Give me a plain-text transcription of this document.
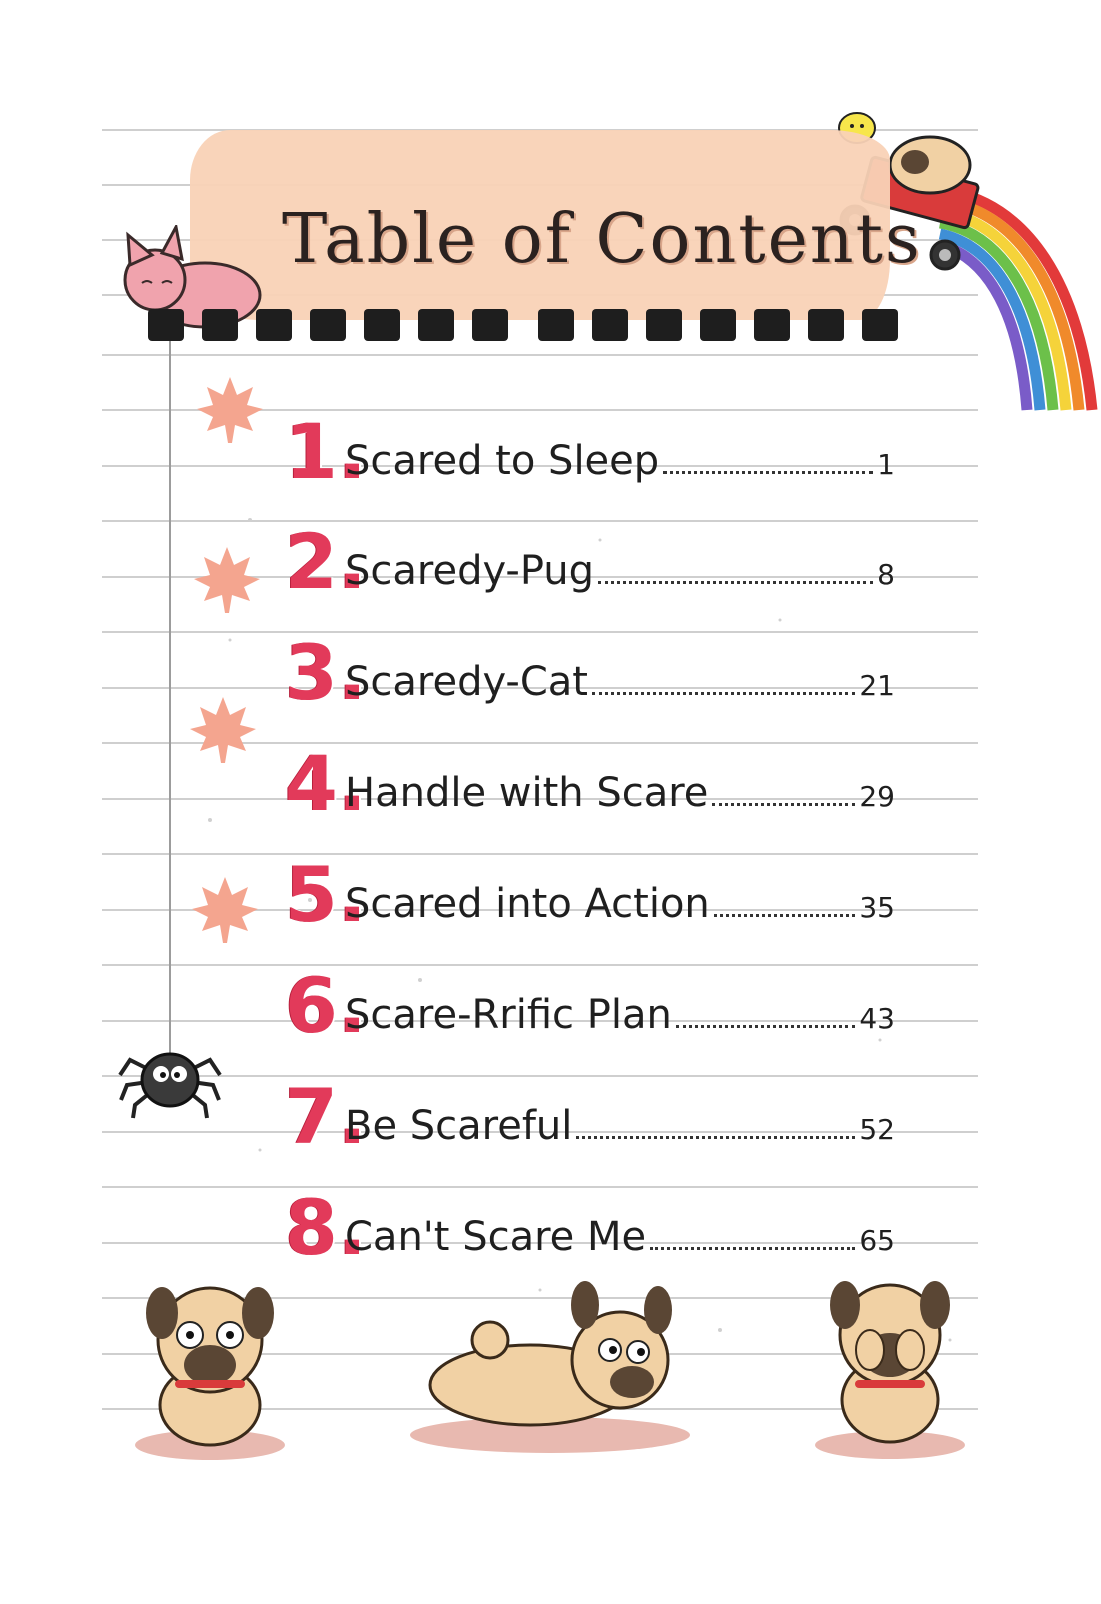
Table of Contents
1 . Scared to Sleep	1
2 . Scaredy-Pug	8
3 . Scaredy-Cat	21
4 . Handle with Scare	29
5 . Scared into Action	35
6 . Scare-Rrific Plan	43
7 . Be Scareful	52
8 . Can't Scare Me	65
